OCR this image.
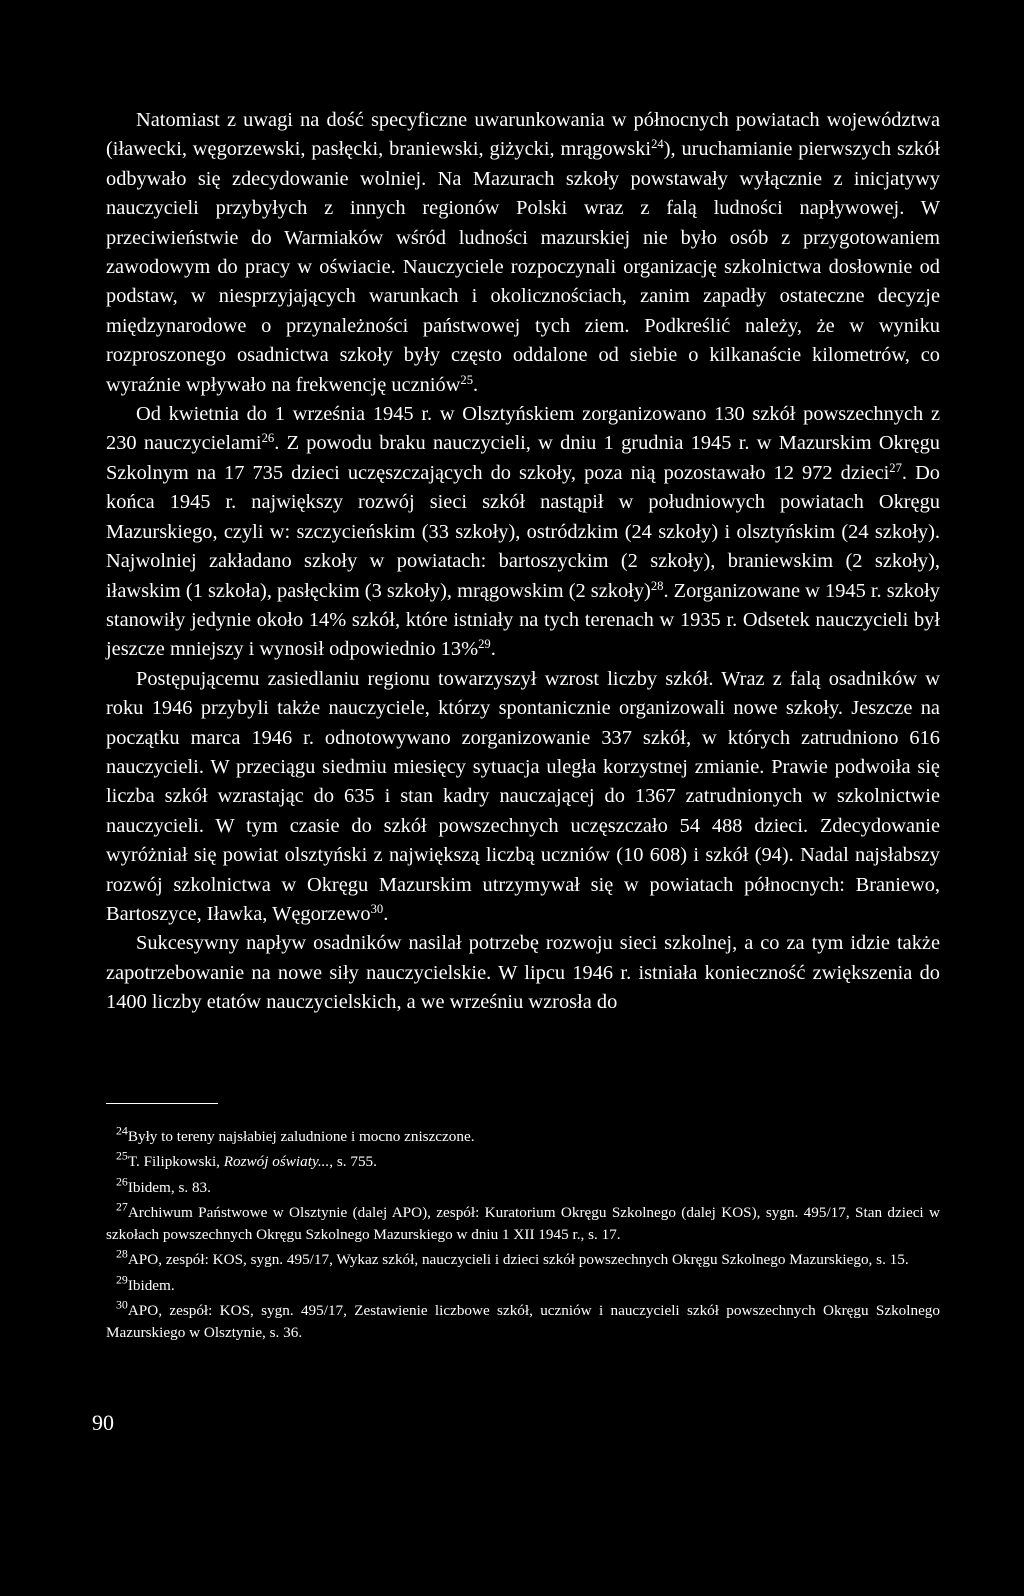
Natomiast z uwagi na dość specyficzne uwarunkowania w północnych powiatach województwa (iławecki, węgorzewski, pasłęcki, braniewski, giżycki, mrągowski$^{24}$), uruchamianie pierwszych szkół odbywało się zdecydowanie wolniej. Na Mazurach szkoły powstawały wyłącznie z inicjatywy nauczycieli przybyłych z innych regionów Polski wraz z falą ludności napływowej. W przeciwieństwie do Warmiaków wśród ludności mazurskiej nie było osób z przygotowaniem zawodowym do pracy w oświacie. Nauczyciele rozpoczynali organizację szkolnictwa dosłownie od podstaw, w niesprzyjających warunkach i okolicznościach, zanim zapadły ostateczne decyzje międzynarodowe o przynależności państwowej tych ziem. Podkreślić należy, że w wyniku rozproszonego osadnictwa szkoły były często oddalone od siebie o kilkanaście kilometrów, co wyraźnie wpływało na frekwencję uczniów$^{25}$.

Od kwietnia do 1 września 1945 r. w Olsztyńskiem zorganizowano 130 szkół powszechnych z 230 nauczycielami$^{26}$. Z powodu braku nauczycieli, w dniu 1 grudnia 1945 r. w Mazurskim Okręgu Szkolnym na 17 735 dzieci uczęszczających do szkoły, poza nią pozostawało 12 972 dzieci$^{27}$. Do końca 1945 r. największy rozwój sieci szkół nastąpił w południowych powiatach Okręgu Mazurskiego, czyli w: szczycieńskim (33 szkoły), ostródzkim (24 szkoły) i olsztyńskim (24 szkoły). Najwolniej zakładano szkoły w powiatach: bartoszyckim (2 szkoły), braniewskim (2 szkoły), iławskim (1 szkoła), pasłęckim (3 szkoły), mrągowskim (2 szkoły)$^{28}$. Zorganizowane w 1945 r. szkoły stanowiły jedynie około 14% szkół, które istniały na tych terenach w 1935 r. Odsetek nauczycieli był jeszcze mniejszy i wynosił odpowiednio 13%$^{29}$.

Postępującemu zasiedlaniu regionu towarzyszył wzrost liczby szkół. Wraz z falą osadników w roku 1946 przybyli także nauczyciele, którzy spontanicznie organizowali nowe szkoły. Jeszcze na początku marca 1946 r. odnotowywano zorganizowanie 337 szkół, w których zatrudniono 616 nauczycieli. W przeciągu siedmiu miesięcy sytuacja uległa korzystnej zmianie. Prawie podwoiła się liczba szkół wzrastając do 635 i stan kadry nauczającej do 1367 zatrudnionych w szkolnictwie nauczycieli. W tym czasie do szkół powszechnych uczęszczało 54 488 dzieci. Zdecydowanie wyróżniał się powiat olsztyński z największą liczbą uczniów (10 608) i szkół (94). Nadal najsłabszy rozwój szkolnictwa w Okręgu Mazurskim utrzymywał się w powiatach północnych: Braniewo, Bartoszyce, Iławka, Węgorzewo$^{30}$.

Sukcesywny napływ osadników nasilał potrzebę rozwoju sieci szkolnej, a co za tym idzie także zapotrzebowanie na nowe siły nauczycielskie. W lipcu 1946 r. istniała konieczność zwiększenia do 1400 liczby etatów nauczycielskich, a we wrześniu wzrosła do

$^{24}$Były to tereny najsłabiej zaludnione i mocno zniszczone.

$^{25}$T. Filipkowski, Rozwój oświaty..., s. 755.

$^{26}$Ibidem, s. 83.

$^{27}$Archiwum Państwowe w Olsztynie (dalej APO), zespół: Kuratorium Okręgu Szkolnego (dalej KOS), sygn. 495/17, Stan dzieci w szkołach powszechnych Okręgu Szkolnego Mazurskiego w dniu 1 XII 1945 r., s. 17.

$^{28}$APO, zespół: KOS, sygn. 495/17, Wykaz szkół, nauczycieli i dzieci szkół powszechnych Okręgu Szkolnego Mazurskiego, s. 15.

$^{29}$Ibidem.

$^{30}$APO, zespół: KOS, sygn. 495/17, Zestawienie liczbowe szkół, uczniów i nauczycieli szkół powszechnych Okręgu Szkolnego Mazurskiego w Olsztynie, s. 36.

90
